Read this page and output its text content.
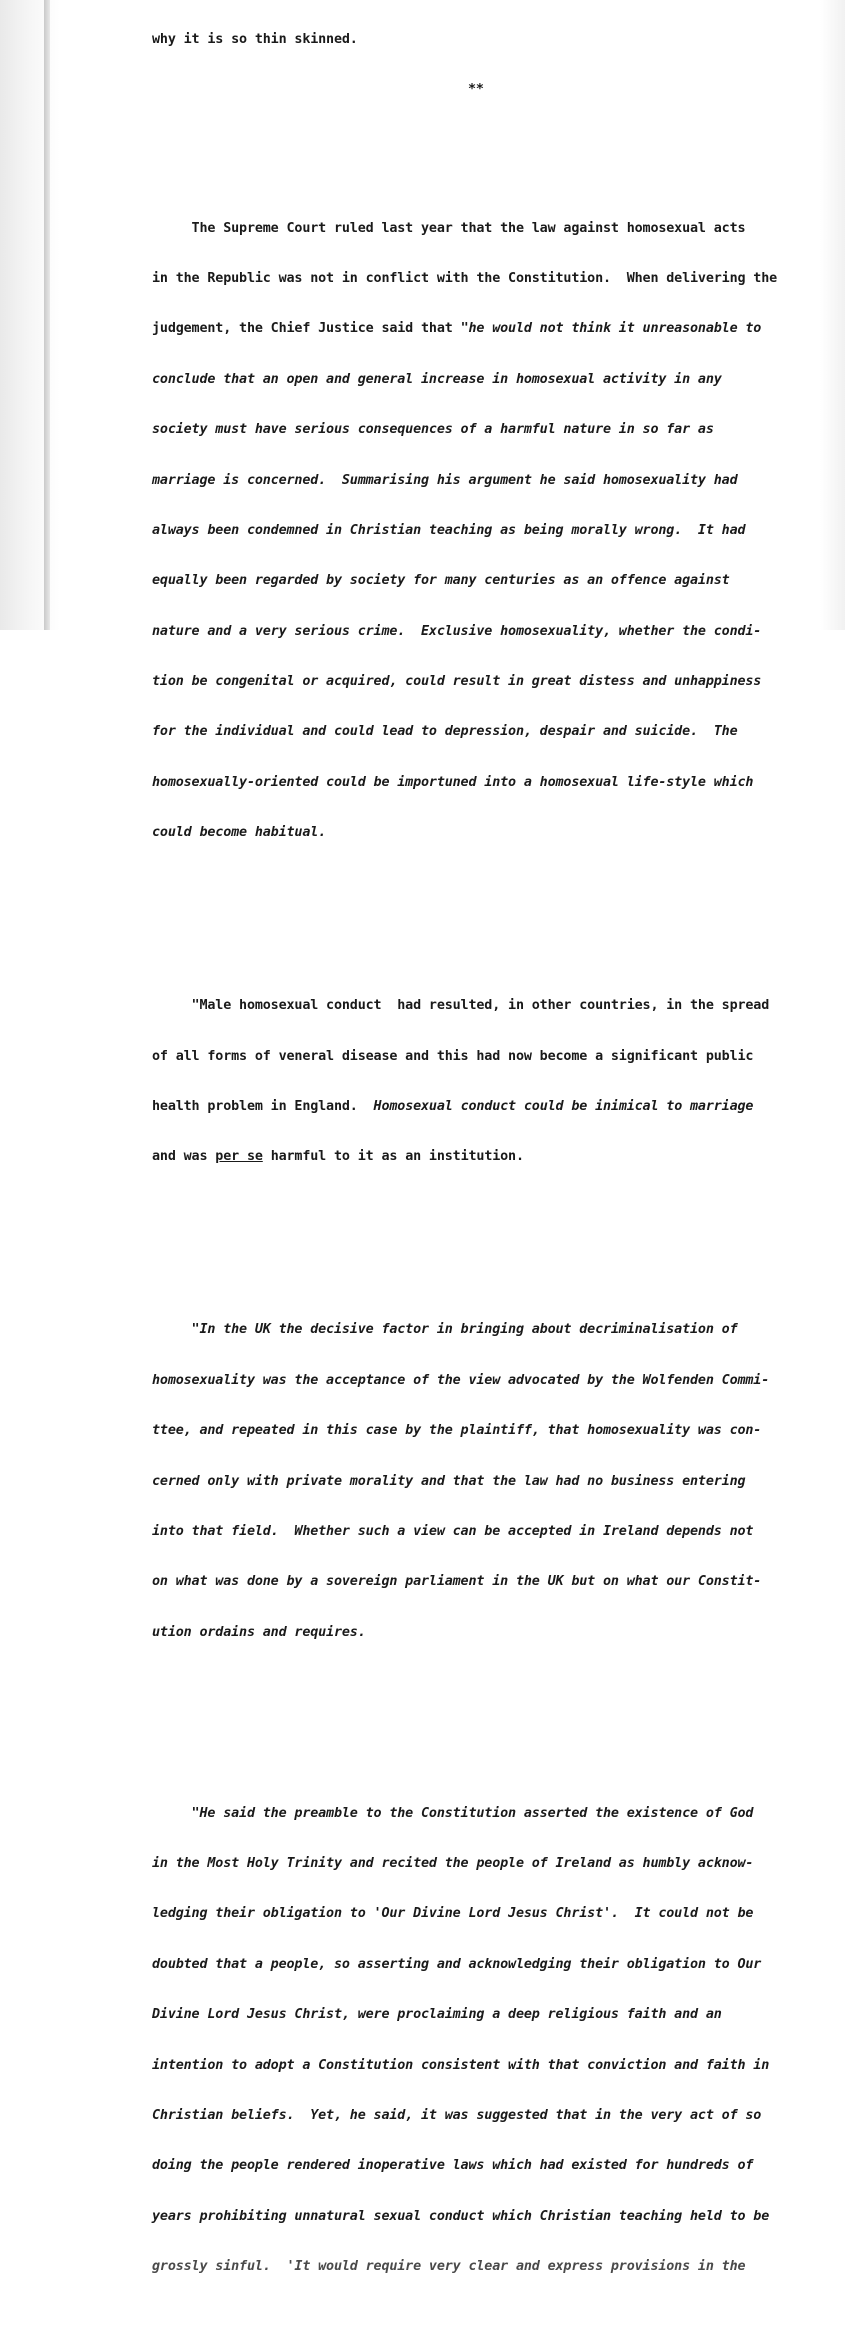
why it is so thin skinned.

**

The Supreme Court ruled last year that the law against homosexual acts

in the Republic was not in conflict with the Constitution.  When delivering the

judgement, the Chief Justice said that "he would not think it unreasonable to

conclude that an open and general increase in homosexual activity in any

society must have serious consequences of a harmful nature in so far as

marriage is concerned.  Summarising his argument he said homosexuality had

always been condemned in Christian teaching as being morally wrong.  It had

equally been regarded by society for many centuries as an offence against

nature and a very serious crime.  Exclusive homosexuality, whether the condi-

tion be congenital or acquired, could result in great distess and unhappiness

for the individual and could lead to depression, despair and suicide.  The

homosexually-oriented could be importuned into a homosexual life-style which

could become habitual.

"Male homosexual conduct  had resulted, in other countries, in the spread

of all forms of veneral disease and this had now become a significant public

health problem in England.  Homosexual conduct could be inimical to marriage

and was per se harmful to it as an institution.

"In the UK the decisive factor in bringing about decriminalisation of

homosexuality was the acceptance of the view advocated by the Wolfenden Commi-

ttee, and repeated in this case by the plaintiff, that homosexuality was con-

cerned only with private morality and that the law had no business entering

into that field.  Whether such a view can be accepted in Ireland depends not

on what was done by a sovereign parliament in the UK but on what our Constit-

ution ordains and requires.

"He said the preamble to the Constitution asserted the existence of God

in the Most Holy Trinity and recited the people of Ireland as humbly acknow-

ledging their obligation to 'Our Divine Lord Jesus Christ'.  It could not be

doubted that a people, so asserting and acknowledging their obligation to Our

Divine Lord Jesus Christ, were proclaiming a deep religious faith and an

intention to adopt a Constitution consistent with that conviction and faith in

Christian beliefs.  Yet, he said, it was suggested that in the very act of so

doing the people rendered inoperative laws which had existed for hundreds of

years prohibiting unnatural sexual conduct which Christian teaching held to be

grossly sinful.  'It would require very clear and express provisions in the
